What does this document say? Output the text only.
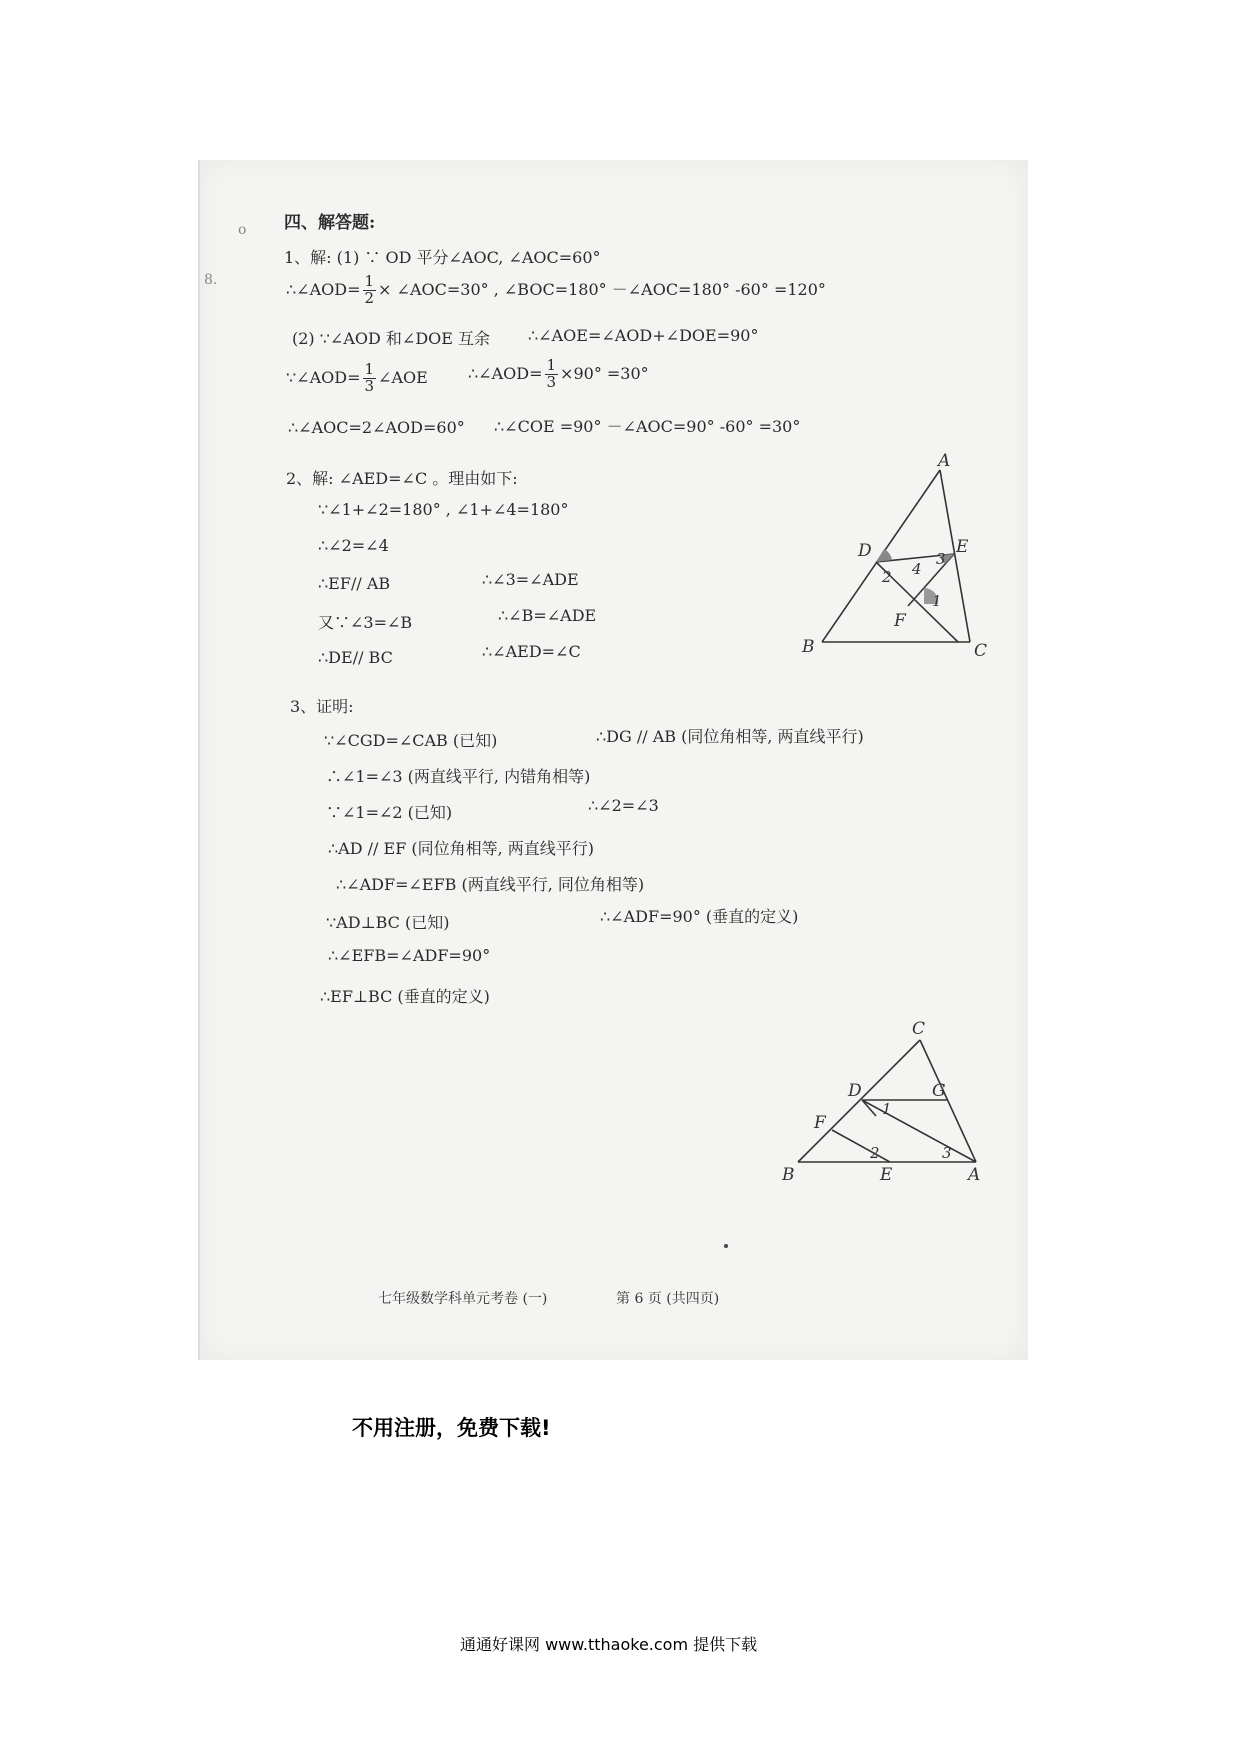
o
8.
四、解答题:
1、解: (1) ∵ OD 平分∠AOC, ∠AOC=60°
∴∠AOD= $\frac{1}{2}$ × ∠AOC=30° , ∠BOC=180° －∠AOC=180° -60° =120°
(2) ∵∠AOD 和∠DOE 互余 ∴∠AOE=∠AOD+∠DOE=90°
∵∠AOD= $\frac{1}{3}$ ∠AOE	∴∠AOD= $\frac{1}{3} \times 90^\circ =30^\circ$
∴∠AOC=2∠AOD=60° ∴∠COE =90° －∠AOC=90° -60° =30°
2、解: ∠AED=∠C 。理由如下:
∵∠1+∠2=180° , ∠1+∠4=180°
∴∠2=∠4
∴EF// AB	∴∠3=∠ADE
又∵∠3=∠B	∴∠B=∠ADE
∴DE// BC	∴∠AED=∠C
A
B	C
D	E
F
1
2
3
4
3、证明:
∵∠CGD=∠CAB (已知)	∴DG // AB (同位角相等, 两直线平行)
∴∠1=∠3 (两直线平行, 内错角相等)
∵∠1=∠2 (已知)	∴∠2=∠3
∴AD // EF (同位角相等, 两直线平行)
∴∠ADF=∠EFB (两直线平行, 同位角相等)
∵AD⊥BC (已知)	∴∠ADF=90° (垂直的定义)
∴∠EFB=∠ADF=90°
∴EF⊥BC (垂直的定义)
C
D	G
F
B	E	A
1
2	3
七年级数学科单元考卷 (一)	第 6 页 (共四页)
不用注册，免费下载!
通通好课网 www.tthaoke.com 提供下载
